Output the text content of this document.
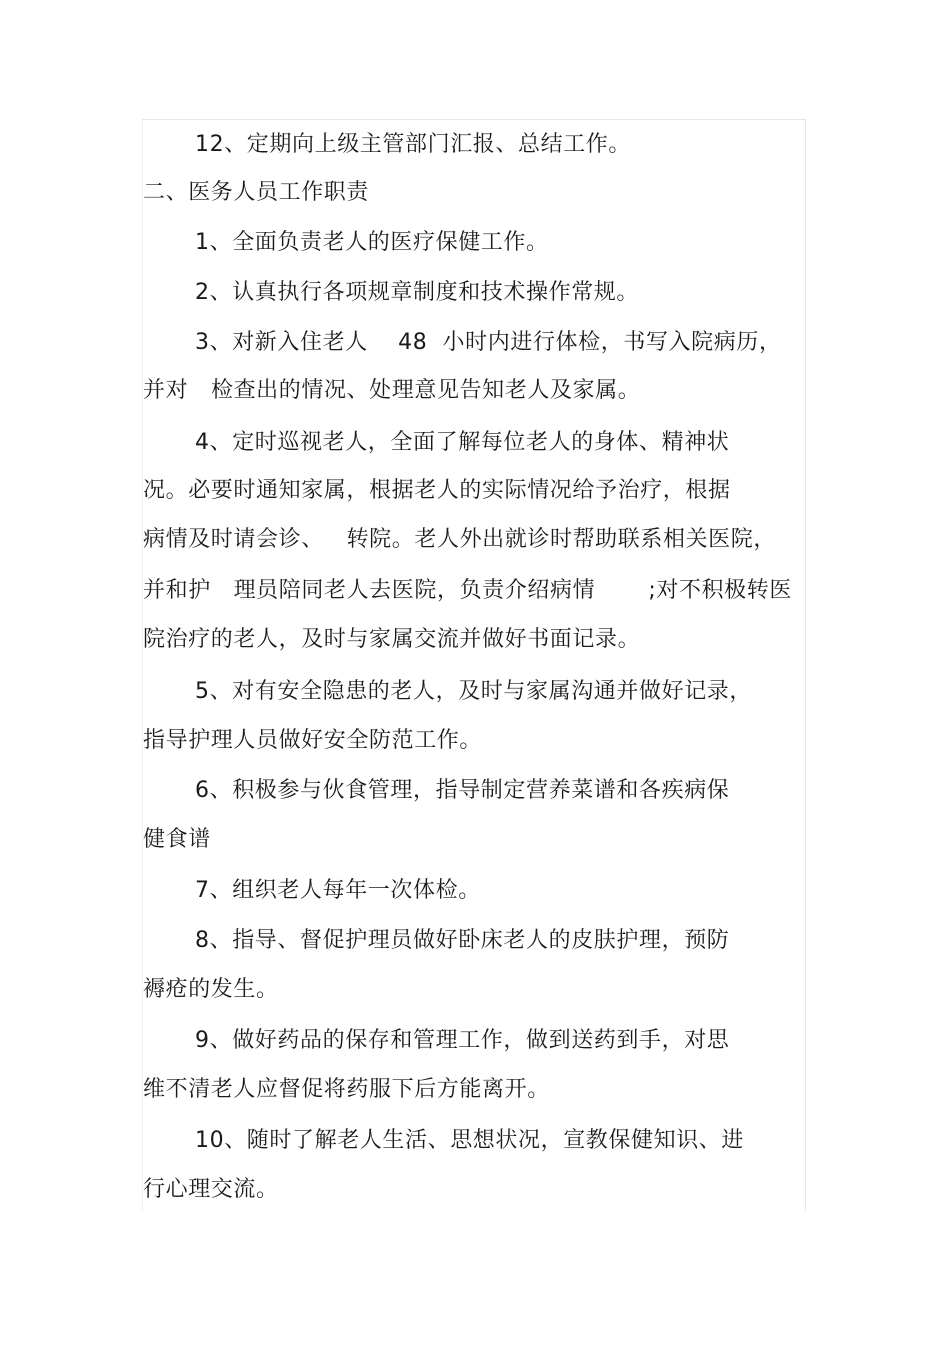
12、定期向上级主管部门汇报、总结工作。
二、医务人员工作职责
1、全面负责老人的医疗保健工作。
2、认真执行各项规章制度和技术操作常规。
3、对新入住老人    48  小时内进行体检，书写入院病历，
并对   检查出的情况、处理意见告知老人及家属。
4、定时巡视老人，全面了解每位老人的身体、精神状
况。必要时通知家属，根据老人的实际情况给予治疗，根据
病情及时请会诊、   转院。老人外出就诊时帮助联系相关医院，
并和护   理员陪同老人去医院，负责介绍病情       ;对不积极转医
院治疗的老人，及时与家属交流并做好书面记录。
5、对有安全隐患的老人，及时与家属沟通并做好记录，
指导护理人员做好安全防范工作。
6、积极参与伙食管理，指导制定营养菜谱和各疾病保
健食谱
7、组织老人每年一次体检。
8、指导、督促护理员做好卧床老人的皮肤护理，预防
褥疮的发生。
9、做好药品的保存和管理工作，做到送药到手，对思
维不清老人应督促将药服下后方能离开。
10、随时了解老人生活、思想状况，宣教保健知识、进
行心理交流。
